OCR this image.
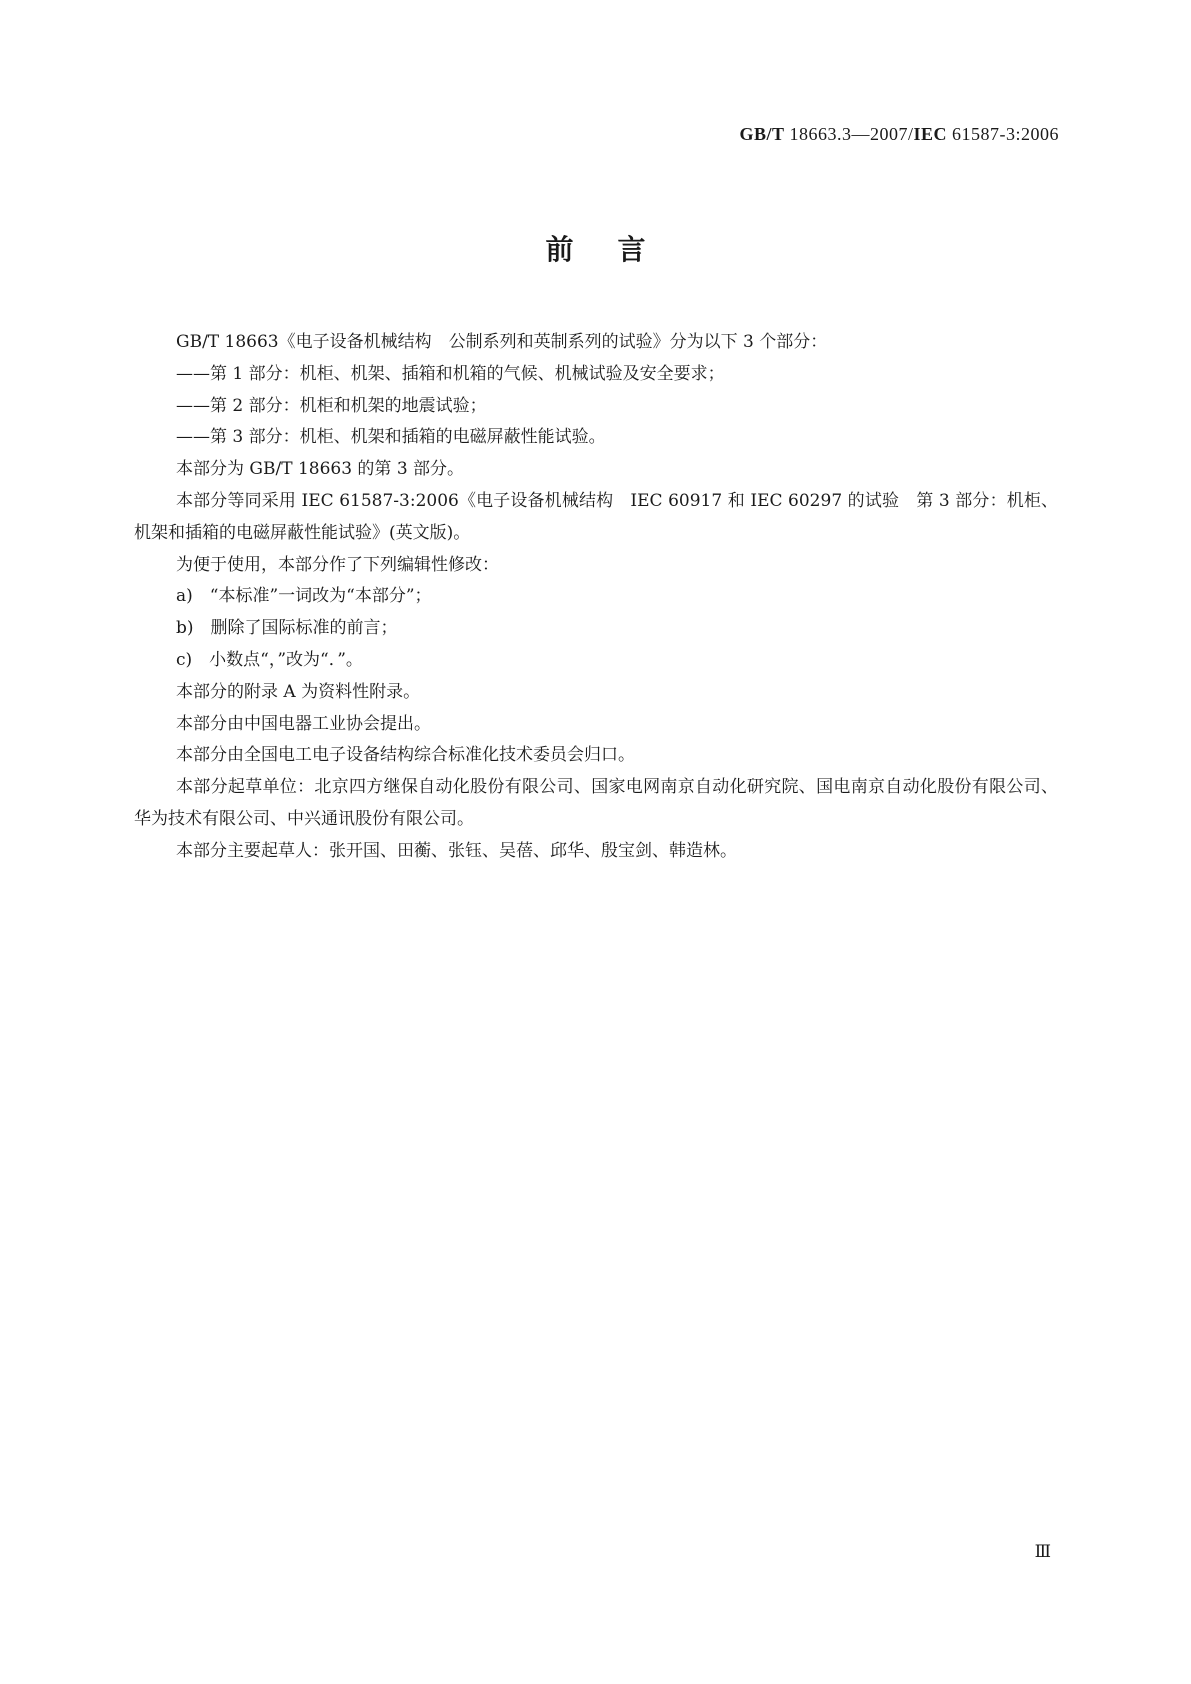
GB/T 18663.3—2007/IEC 61587-3:2006
前言

GB/T 18663《电子设备机械结构　公制系列和英制系列的试验》分为以下 3 个部分：

——第 1 部分：机柜、机架、插箱和机箱的气候、机械试验及安全要求；

——第 2 部分：机柜和机架的地震试验；

——第 3 部分：机柜、机架和插箱的电磁屏蔽性能试验。

本部分为 GB/T 18663 的第 3 部分。

本部分等同采用 IEC 61587-3:2006《电子设备机械结构　IEC 60917 和 IEC 60297 的试验　第 3 部分：机柜、机架和插箱的电磁屏蔽性能试验》(英文版)。

为便于使用，本部分作了下列编辑性修改：

a)　“本标准”一词改为“本部分”；

b)　删除了国际标准的前言；

c)　小数点“，”改为“．”。

本部分的附录 A 为资料性附录。

本部分由中国电器工业协会提出。

本部分由全国电工电子设备结构综合标准化技术委员会归口。

本部分起草单位：北京四方继保自动化股份有限公司、国家电网南京自动化研究院、国电南京自动化股份有限公司、华为技术有限公司、中兴通讯股份有限公司。

本部分主要起草人：张开国、田蘅、张钰、吴蓓、邱华、殷宝剑、韩造林。

Ⅲ
